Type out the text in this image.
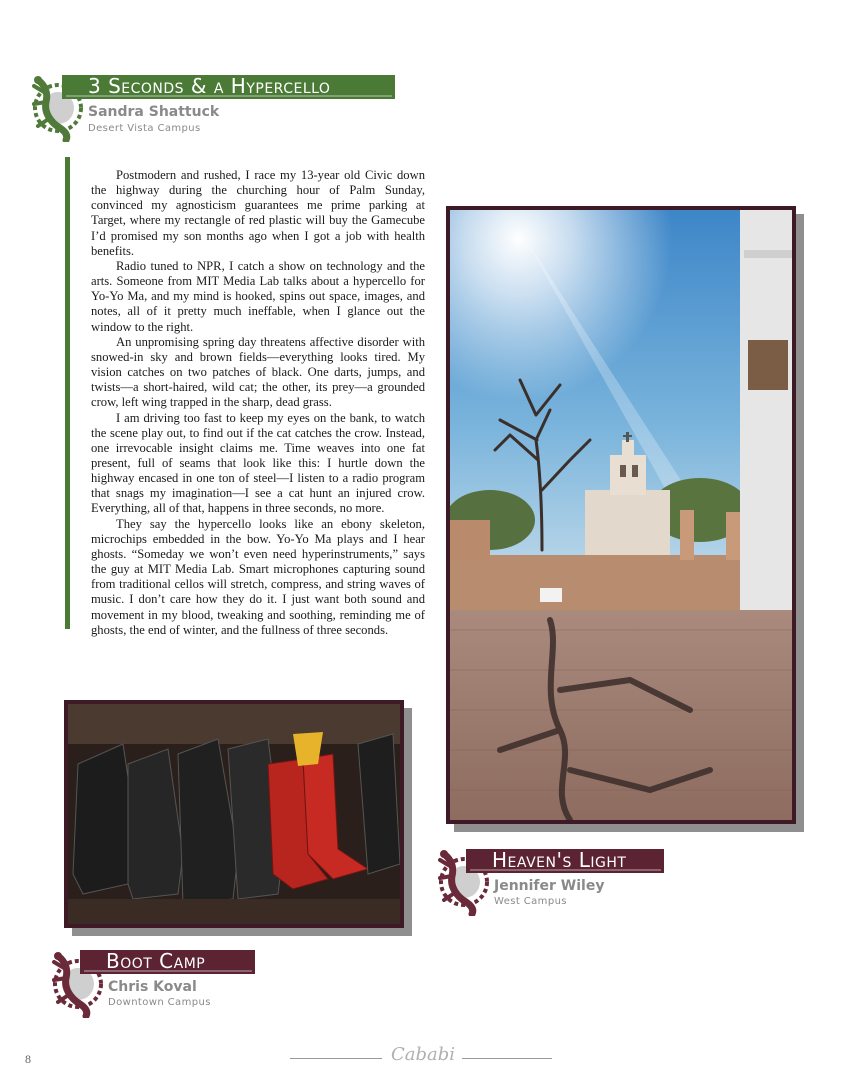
3 Seconds & a Hypercello
Sandra Shattuck
Desert Vista Campus

Postmodern and rushed, I race my 13-year old Civic down the highway during the churching hour of Palm Sunday, convinced my agnosticism guarantees me prime parking at Target, where my rectangle of red plastic will buy the Gamecube I’d promised my son months ago when I got a job with health benefits.

Radio tuned to NPR, I catch a show on technology and the arts. Someone from MIT Media Lab talks about a hypercello for Yo-Yo Ma, and my mind is hooked, spins out space, images, and notes, all of it pretty much ineffable, when I glance out the window to the right.

An unpromising spring day threatens affective disorder with snowed-in sky and brown fields—everything looks tired. My vision catches on two patches of black. One darts, jumps, and twists—a short-haired, wild cat; the other, its prey—a grounded crow, left wing trapped in the sharp, dead grass.

I am driving too fast to keep my eyes on the bank, to watch the scene play out, to find out if the cat catches the crow. Instead, one irrevocable insight claims me. Time weaves into one fat present, full of seams that look like this: I hurtle down the highway encased in one ton of steel—I listen to a radio program that snags my imagination—I see a cat hunt an injured crow. Everything, all of that, happens in three seconds, no more.

They say the hypercello looks like an ebony skeleton, microchips embedded in the bow. Yo-Yo Ma plays and I hear ghosts. “Someday we won’t even need hyperinstruments,” says the guy at MIT Media Lab. Smart microphones capturing sound from traditional cellos will stretch, compress, and string waves of music. I don’t care how they do it. I just want both sound and movement in my blood, tweaking and soothing, reminding me of ghosts, the end of winter, and the fullness of three seconds.

Heaven's Light
Jennifer Wiley
West Campus
Boot Camp
Chris Koval
Downtown Campus
8	Cababi
